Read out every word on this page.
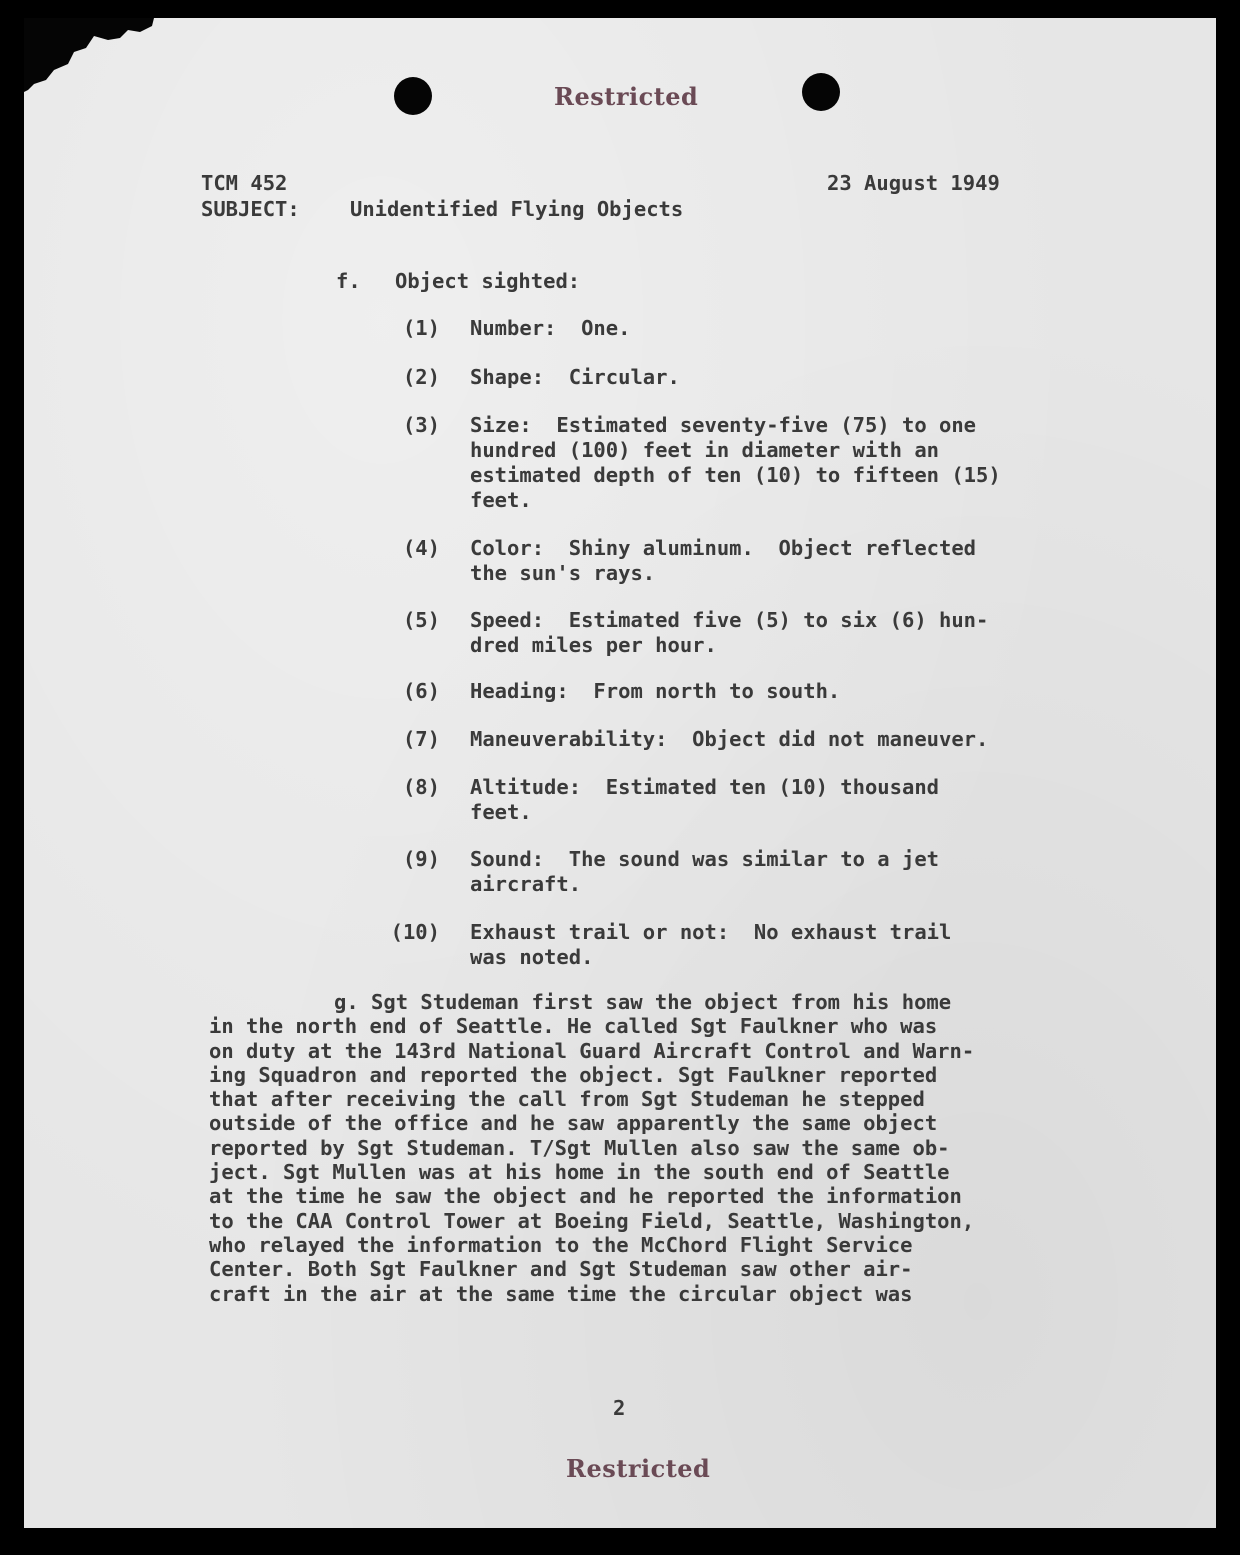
Restricted
TCM 452	23 August 1949
SUBJECT: Unidentified Flying Objects
f. Object sighted:
(1) Number:  One.
(2) Shape:  Circular.
(3) Size:  Estimated seventy-five (75) to one
hundred (100) feet in diameter with an
estimated depth of ten (10) to fifteen (15)
feet.
(4) Color:  Shiny aluminum.  Object reflected
the sun's rays.
(5) Speed:  Estimated five (5) to six (6) hun-
dred miles per hour.
(6) Heading:  From north to south.
(7) Maneuverability:  Object did not maneuver.
(8) Altitude:  Estimated ten (10) thousand
feet.
(9) Sound:  The sound was similar to a jet
aircraft.
(10) Exhaust trail or not:  No exhaust trail
was noted.
g. Sgt Studeman first saw the object from his home
in the north end of Seattle. He called Sgt Faulkner who was
on duty at the 143rd National Guard Aircraft Control and Warn-
ing Squadron and reported the object. Sgt Faulkner reported
that after receiving the call from Sgt Studeman he stepped
outside of the office and he saw apparently the same object
reported by Sgt Studeman. T/Sgt Mullen also saw the same ob-
ject. Sgt Mullen was at his home in the south end of Seattle
at the time he saw the object and he reported the information
to the CAA Control Tower at Boeing Field, Seattle, Washington,
who relayed the information to the McChord Flight Service
Center. Both Sgt Faulkner and Sgt Studeman saw other air-
craft in the air at the same time the circular object was
2
Restricted
